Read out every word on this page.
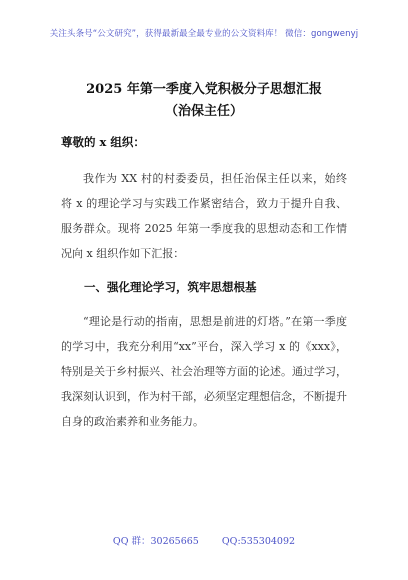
关注头条号“公文研究”，获得最新最全最专业的公文资料库！ 微信：gongwenyj
2025 年第一季度入党积极分子思想汇报
（治保主任）
尊敬的 x 组织：

我作为 XX 村的村委委员，担任治保主任以来，始终将 x 的理论学习与实践工作紧密结合，致力于提升自我、服务群众。现将 2025 年第一季度我的思想动态和工作情况向 x 组织作如下汇报：

一、强化理论学习，筑牢思想根基

“理论是行动的指南，思想是前进的灯塔。”在第一季度的学习中，我充分利用“xx”平台，深入学习 x 的《xxx》，特别是关于乡村振兴、社会治理等方面的论述。通过学习，我深刻认识到，作为村干部，必须坚定理想信念，不断提升自身的政治素养和业务能力。

QQ 群：30265665 QQ:535304092
